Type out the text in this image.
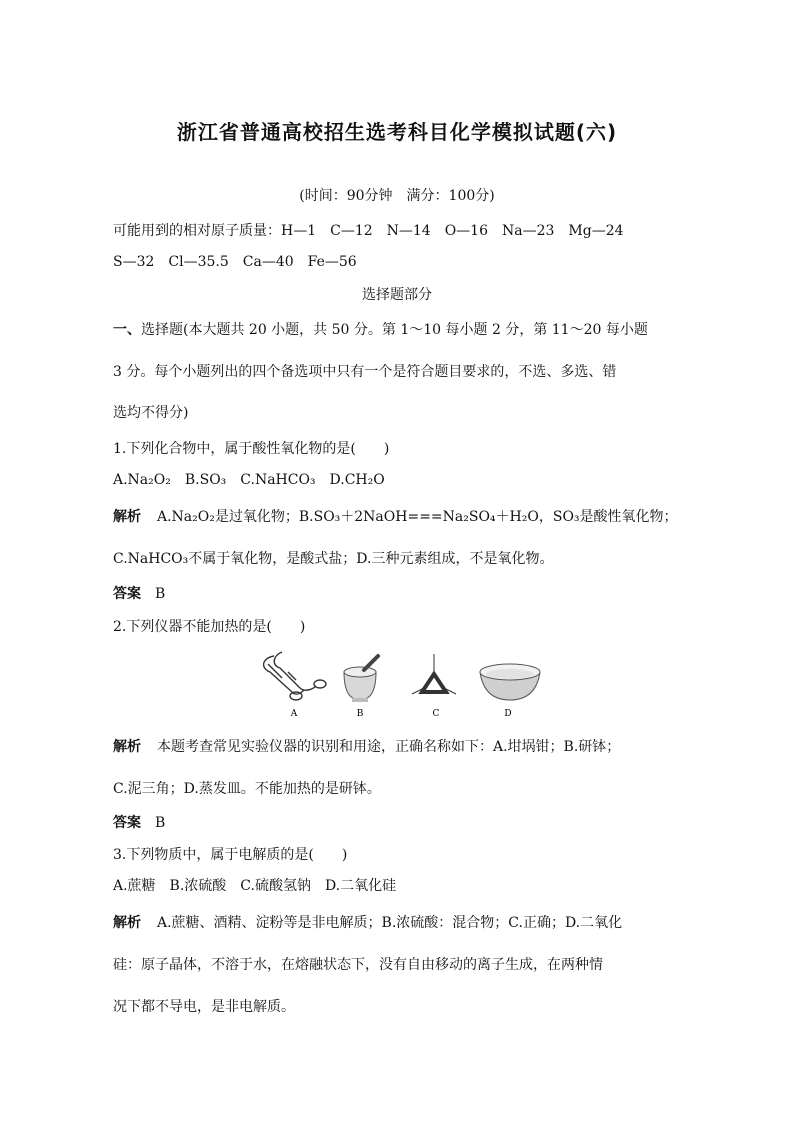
浙江省普通高校招生选考科目化学模拟试题(六)
(时间：90分钟　满分：100分)
可能用到的相对原子质量：H—1　C—12　N—14　O—16　Na—23　Mg—24
S—32　Cl—35.5　Ca—40　Fe—56
选择题部分
一、选择题(本大题共 20 小题，共 50 分。第 1～10 每小题 2 分，第 11～20 每小题
3 分。每个小题列出的四个备选项中只有一个是符合题目要求的，不选、多选、错
选均不得分)
1.下列化合物中，属于酸性氧化物的是(　　)
A.Na₂O₂　B.SO₃　C.NaHCO₃　D.CH₂O
解析 A.Na₂O₂是过氧化物；B.SO₃＋2NaOH===Na₂SO₄＋H₂O，SO₃是酸性氧化物；
C.NaHCO₃不属于氧化物，是酸式盐；D.三种元素组成，不是氧化物。
答案 B
2.下列仪器不能加热的是(　　)
A	B	C	D
解析 本题考查常见实验仪器的识别和用途，正确名称如下：A.坩埚钳；B.研钵；
C.泥三角；D.蒸发皿。不能加热的是研钵。
答案 B
3.下列物质中，属于电解质的是(　　)
A.蔗糖　B.浓硫酸　C.硫酸氢钠　D.二氧化硅
解析 A.蔗糖、酒精、淀粉等是非电解质；B.浓硫酸：混合物；C.正确；D.二氧化
硅：原子晶体，不溶于水，在熔融状态下，没有自由移动的离子生成，在两种情
况下都不导电，是非电解质。
